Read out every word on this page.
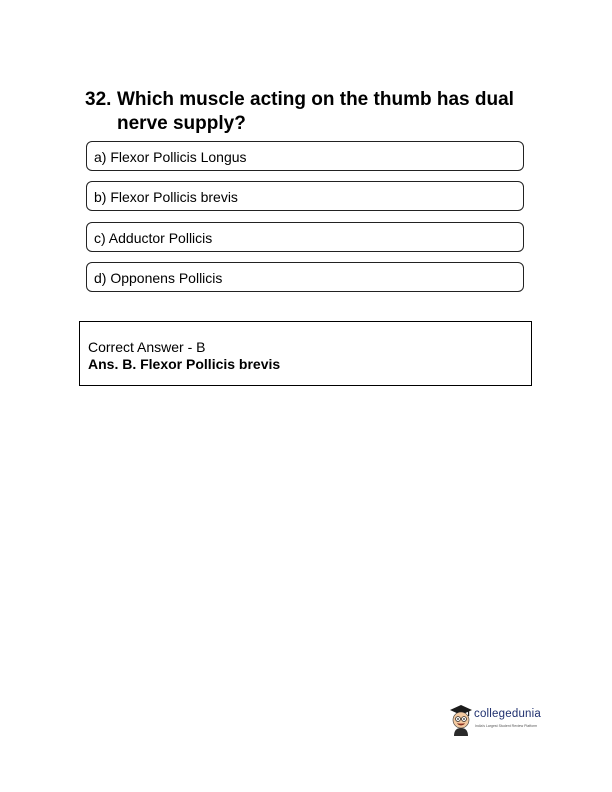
32. Which muscle acting on the thumb has dual nerve supply?
a) Flexor Pollicis Longus
b) Flexor Pollicis brevis
c) Adductor Pollicis
d) Opponens Pollicis
Correct Answer - B
Ans. B. Flexor Pollicis brevis
collegedunia
India's Largest Student Review Platform
